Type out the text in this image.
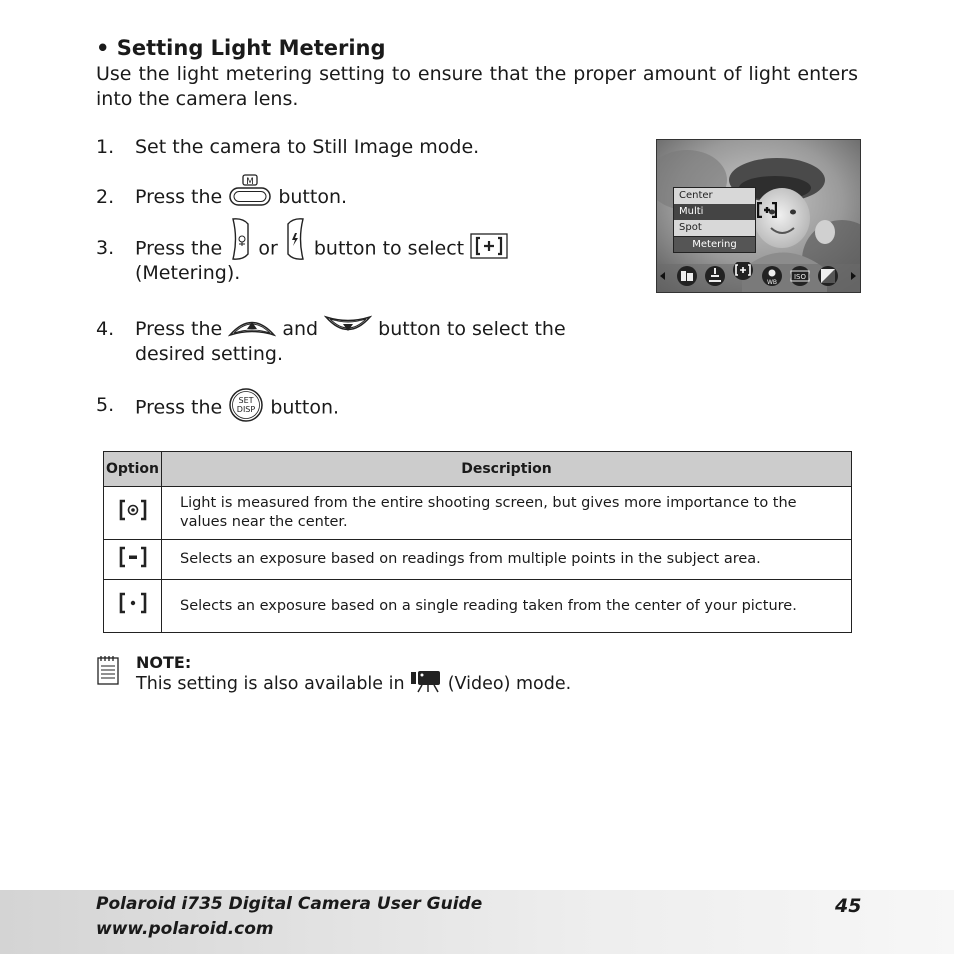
• Setting Light Metering

Use the light metering setting to ensure that the proper amount of light enters into the camera lens.

1. Set the camera to Still Image mode.
2. Press the
M
button.
3. Press the or button to select
(Metering).
4. Press the	and	button to select the
desired setting.
5. Press the SET
DISP button.
WB
ISO
Center
Multi
Spot
Metering
Option	Description
	Light is measured from the entire shooting screen, but gives more importance to the values near the center.
	Selects an exposure based on readings from multiple points in the subject area.
	Selects an exposure based on a single reading taken from the center of your picture.
NOTE:
This setting is also available in (Video) mode.
Polaroid i735 Digital Camera User Guide
www.polaroid.com
45
